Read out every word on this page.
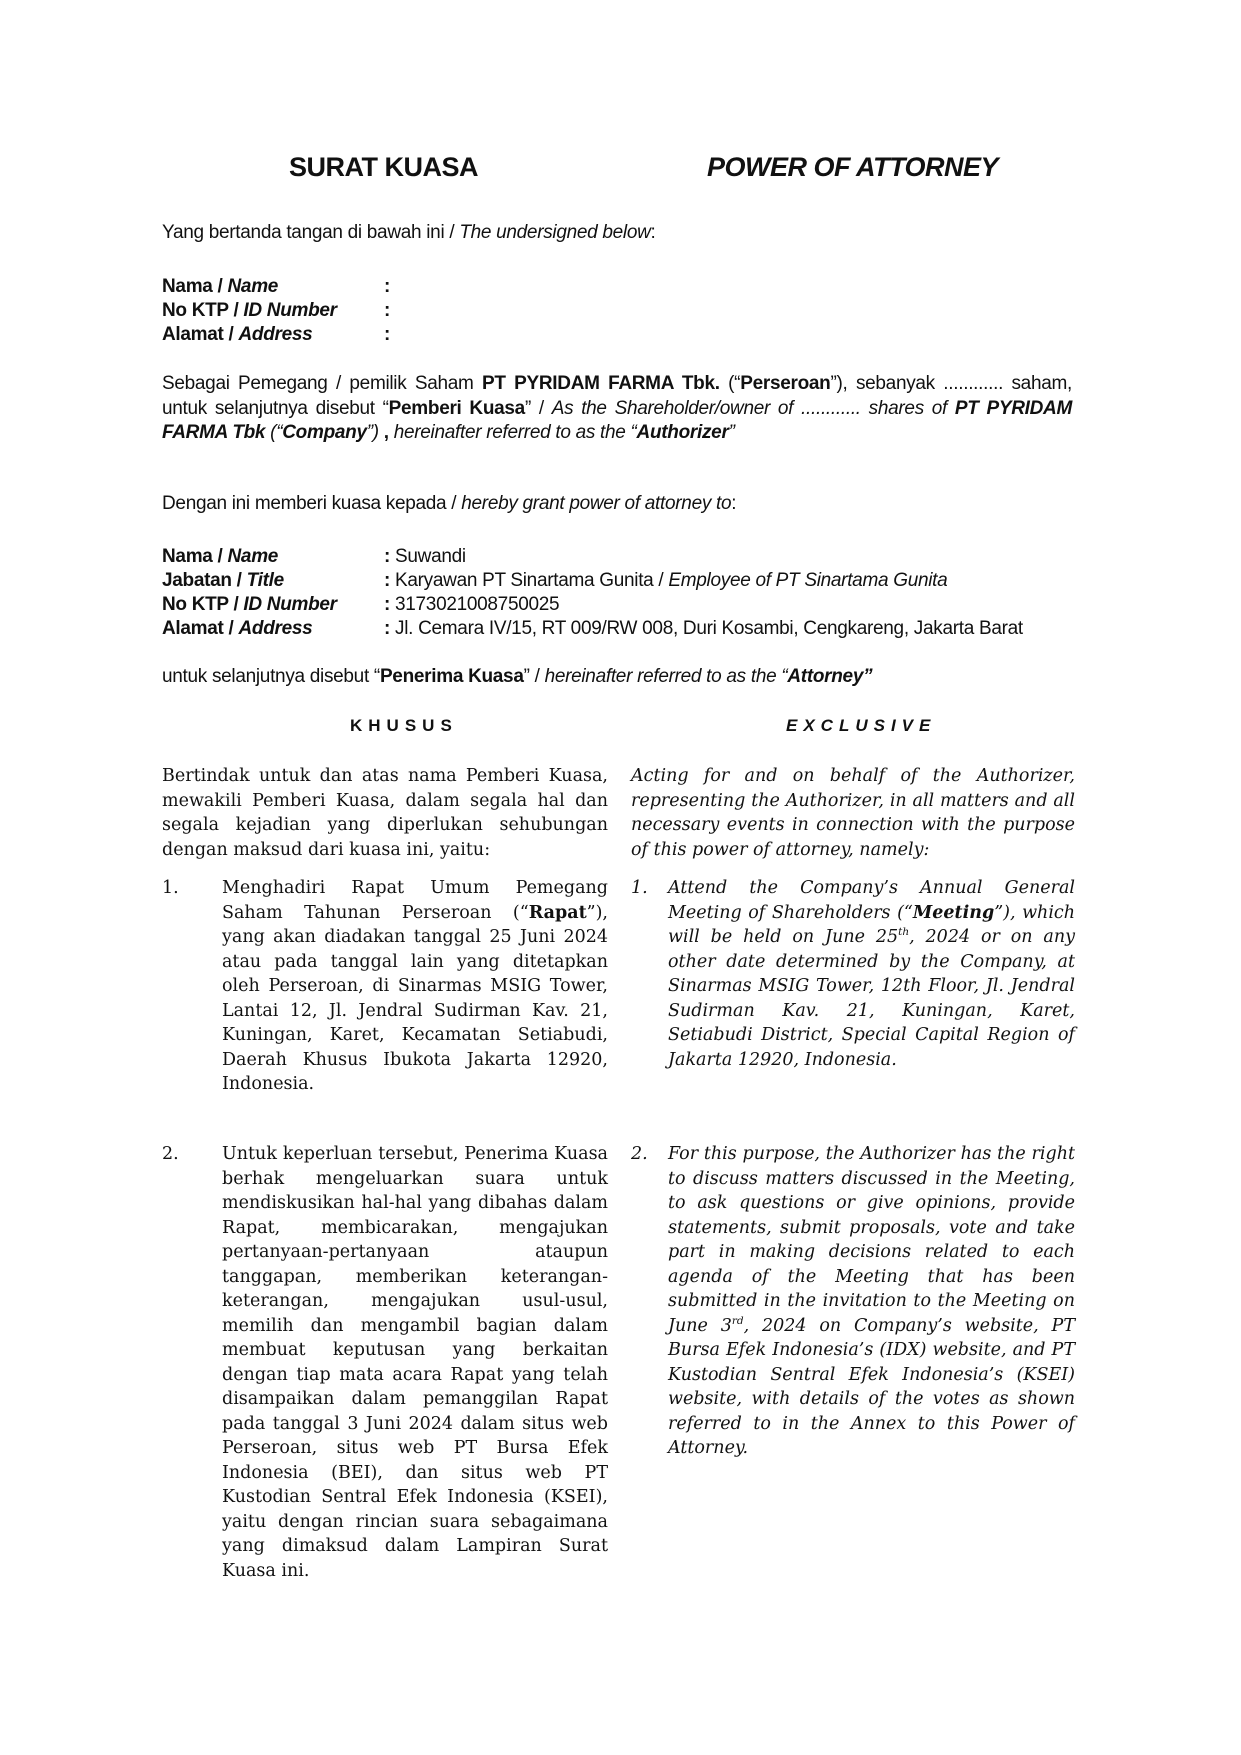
SURAT KUASA	POWER OF ATTORNEY
Yang bertanda tangan di bawah ini / The undersigned below:
Nama / Name	:
No KTP / ID Number :
Alamat / Address	:
Sebagai Pemegang / pemilik Saham PT PYRIDAM FARMA Tbk. (“Perseroan”), sebanyak ............ saham, untuk selanjutnya disebut “Pemberi Kuasa” / As the Shareholder/owner of ............ shares of PT PYRIDAM FARMA Tbk (“Company”) , hereinafter referred to as the “Authorizer”
Dengan ini memberi kuasa kepada / hereby grant power of attorney to:
Nama / Name	: Suwandi
Jabatan / Title	: Karyawan PT Sinartama Gunita / Employee of PT Sinartama Gunita
No KTP / ID Number : 3173021008750025
Alamat / Address	: Jl. Cemara IV/15, RT 009/RW 008, Duri Kosambi, Cengkareng, Jakarta Barat
untuk selanjutnya disebut “Penerima Kuasa” / hereinafter referred to as the “Attorney”
KHUSUS	EXCLUSIVE
Bertindak untuk dan atas nama Pemberi Kuasa, mewakili Pemberi Kuasa, dalam segala hal dan segala kejadian yang diperlukan sehubungan dengan maksud dari kuasa ini, yaitu:
Acting for and on behalf of the Authorizer, representing the Authorizer, in all matters and all necessary events in connection with the purpose of this power of attorney, namely:
1. Menghadiri Rapat Umum Pemegang Saham Tahunan Perseroan (“Rapat”), yang akan diadakan tanggal 25 Juni 2024 atau pada tanggal lain yang ditetapkan oleh Perseroan, di Sinarmas MSIG Tower, Lantai 12, Jl. Jendral Sudirman Kav. 21, Kuningan, Karet, Kecamatan Setiabudi, Daerah Khusus Ibukota Jakarta 12920, Indonesia.
1. Attend the Company’s Annual General Meeting of Shareholders (“Meeting”), which will be held on June 25th, 2024 or on any other date determined by the Company, at Sinarmas MSIG Tower, 12th Floor, Jl. Jendral Sudirman Kav. 21, Kuningan, Karet, Setiabudi District, Special Capital Region of Jakarta 12920, Indonesia.
2. Untuk keperluan tersebut, Penerima Kuasa berhak mengeluarkan suara untuk mendiskusikan hal-hal yang dibahas dalam Rapat, membicarakan, mengajukan pertanyaan-pertanyaan ataupun tanggapan, memberikan keterangan-keterangan, mengajukan usul-usul, memilih dan mengambil bagian dalam membuat keputusan yang berkaitan dengan tiap mata acara Rapat yang telah disampaikan dalam pemanggilan Rapat pada tanggal 3 Juni 2024 dalam situs web Perseroan, situs web PT Bursa Efek Indonesia (BEI), dan situs web PT Kustodian Sentral Efek Indonesia (KSEI), yaitu dengan rincian suara sebagaimana yang dimaksud dalam Lampiran Surat Kuasa ini.
2. For this purpose, the Authorizer has the right to discuss matters discussed in the Meeting, to ask questions or give opinions, provide statements, submit proposals, vote and take part in making decisions related to each agenda of the Meeting that has been submitted in the invitation to the Meeting on June 3rd, 2024 on Company’s website, PT Bursa Efek Indonesia’s (IDX) website, and PT Kustodian Sentral Efek Indonesia’s (KSEI) website, with details of the votes as shown referred to in the Annex to this Power of Attorney.
